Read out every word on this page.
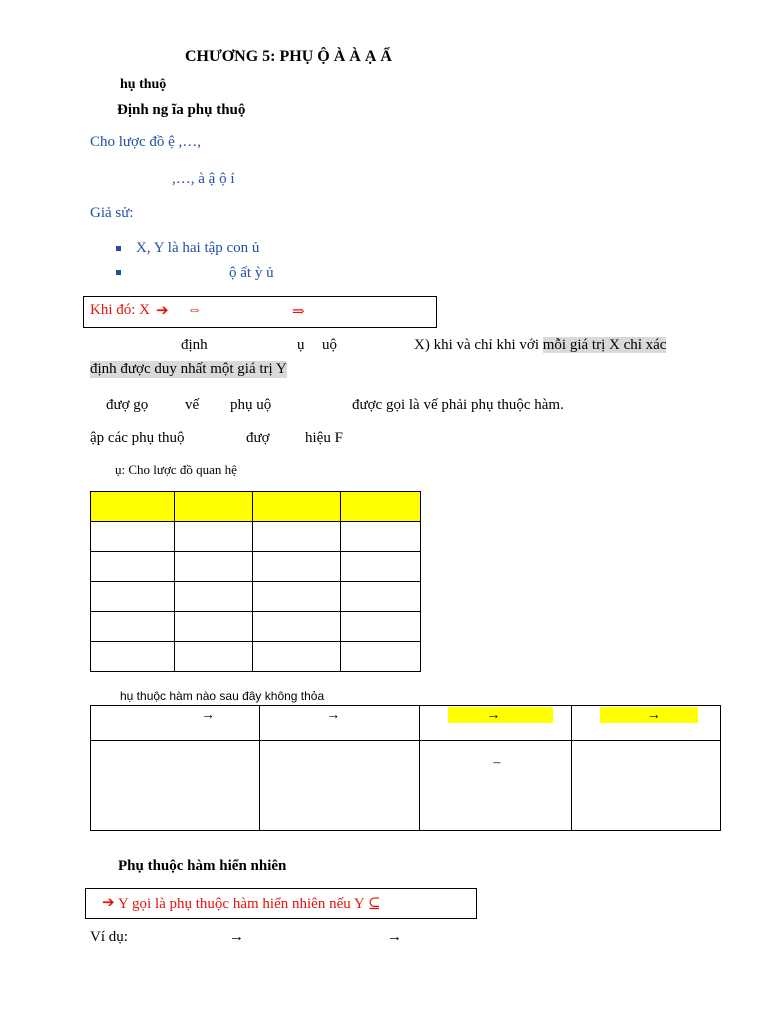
CHƯƠNG 5: PHỤ Ộ À À Ạ Ẩ
hụ thuộ
Định ng ĩa phụ thuộ
Cho lược đồ ệ ,…,
,…, à ậ ộ í
Giả sử:
X, Y là hai tập con ủ
ộ ất ỳ ủ
Khi đó: X ➔ ⇔	⇒
định	ụ uộ	X) khi và chỉ khi với mỗi giá trị X chỉ xác
định được duy nhất một giá trị Y
đượ gọ vế phụ uộ	được gọi là vế phải phụ thuộc hàm.
ập các phụ thuộ	đượ hiệu F
ụ: Cho lược đồ quan hệ

hụ thuộc hàm nào sau đây không thỏa
→	→	→	→

		–	

Phụ thuộc hàm hiển nhiên
➔ Y gọi là phụ thuộc hàm hiển nhiên nếu Y ⊆
Ví dụ:	→	→
